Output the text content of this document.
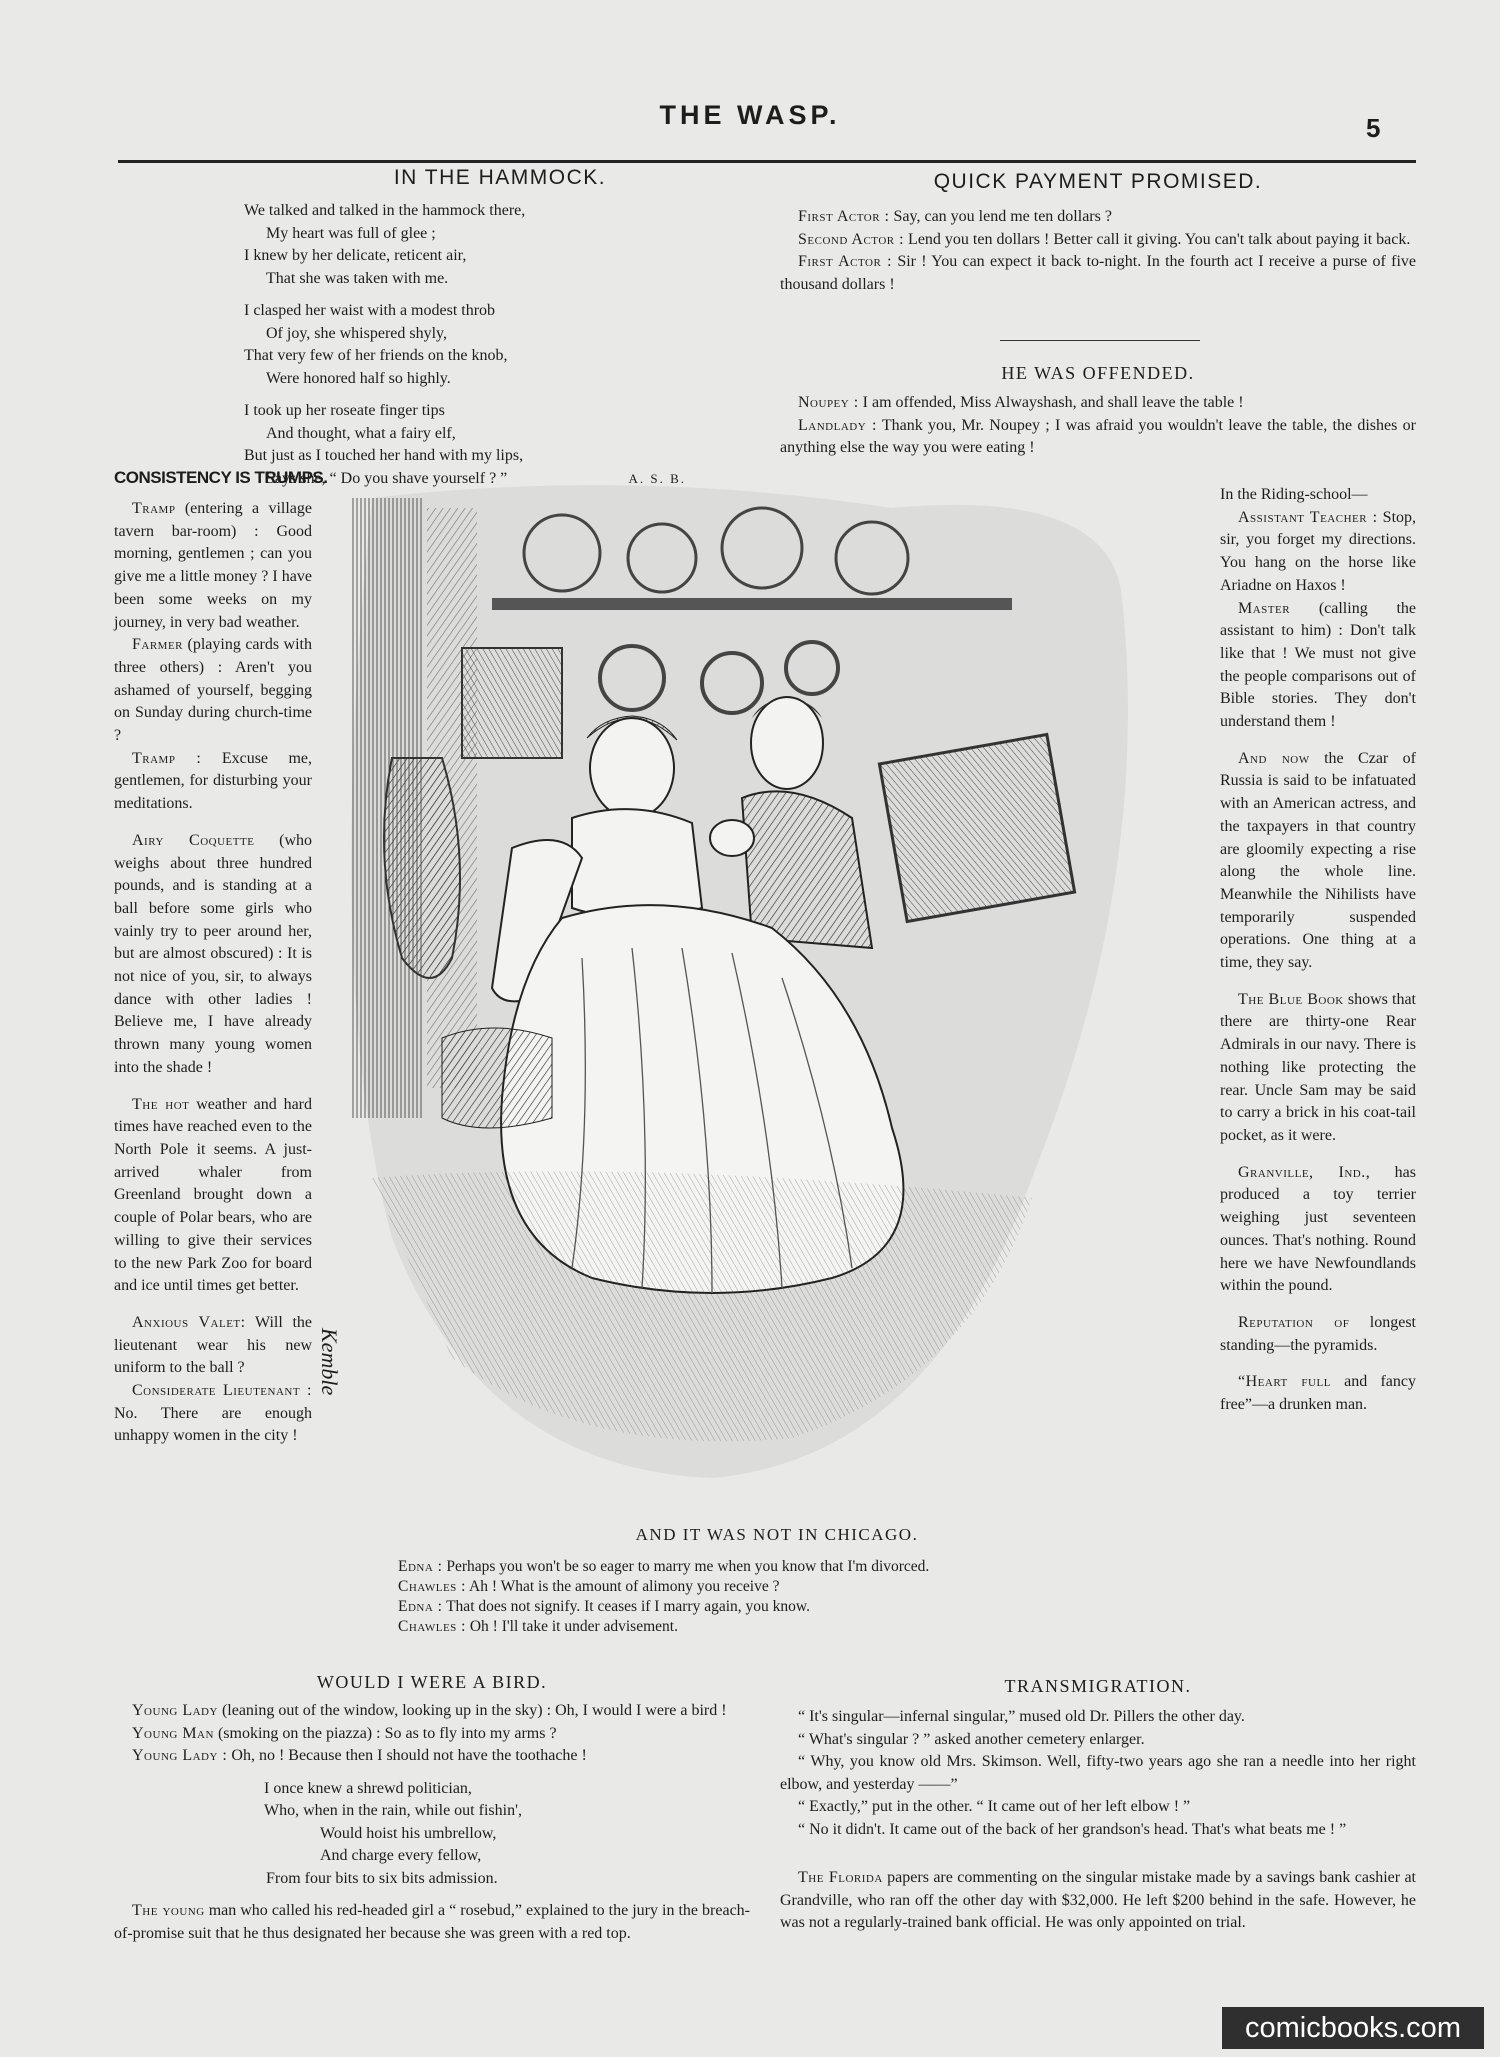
THE WASP.	5
IN THE HAMMOCK.
We talked and talked in the hammock there,
My heart was full of glee ;
I knew by her delicate, reticent air,
That she was taken with me.
I clasped her waist with a modest throb
Of joy, she whispered shyly,
That very few of her friends on the knob,
Were honored half so highly.
I took up her roseate finger tips
And thought, what a fairy elf,
But just as I touched her hand with my lips,
Says she, “ Do you shave yourself ? ”	A. S. B.
QUICK PAYMENT PROMISED.

First Actor : Say, can you lend me ten dollars ?

Second Actor : Lend you ten dollars ! Better call it giving. You can't talk about paying it back.

First Actor : Sir ! You can expect it back to-night. In the fourth act I receive a purse of five thousand dollars !

HE WAS OFFENDED.

Noupey : I am offended, Miss Alwayshash, and shall leave the table !

Landlady : Thank you, Mr. Noupey ; I was afraid you wouldn't leave the table, the dishes or anything else the way you were eating !

CONSISTENCY IS TRUMPS.

Tramp (entering a village tavern bar-room) : Good morning, gentlemen ; can you give me a little money ? I have been some weeks on my journey, in very bad weather.

Farmer (playing cards with three others) : Aren't you ashamed of yourself, begging on Sunday during church-time ?

Tramp : Excuse me, gentlemen, for disturbing your meditations.

Airy Coquette (who weighs about three hundred pounds, and is standing at a ball before some girls who vainly try to peer around her, but are almost obscured) : It is not nice of you, sir, to always dance with other ladies ! Believe me, I have already thrown many young women into the shade !

The hot weather and hard times have reached even to the North Pole it seems. A just-arrived whaler from Greenland brought down a couple of Polar bears, who are willing to give their services to the new Park Zoo for board and ice until times get better.

Anxious Valet: Will the lieutenant wear his new uniform to the ball ?

Considerate Lieutenant : No. There are enough unhappy women in the city !

In the Riding-school—

Assistant Teacher : Stop, sir, you forget my directions. You hang on the horse like Ariadne on Haxos !

Master (calling the assistant to him) : Don't talk like that ! We must not give the people comparisons out of Bible stories. They don't understand them !

And now the Czar of Russia is said to be infatuated with an American actress, and the taxpayers in that country are gloomily expecting a rise along the whole line. Meanwhile the Nihilists have temporarily suspended operations. One thing at a time, they say.

The Blue Book shows that there are thirty-one Rear Admirals in our navy. There is nothing like protecting the rear. Uncle Sam may be said to carry a brick in his coat-tail pocket, as it were.

Granville, Ind., has produced a toy terrier weighing just seventeen ounces. That's nothing. Round here we have Newfoundlands within the pound.

Reputation of longest standing—the pyramids.

“Heart full and fancy free”—a drunken man.

Kemble
AND IT WAS NOT IN CHICAGO.
Edna : Perhaps you won't be so eager to marry me when you know that I'm divorced.
Chawles : Ah ! What is the amount of alimony you receive ?
Edna : That does not signify. It ceases if I marry again, you know.
Chawles : Oh ! I'll take it under advisement.
WOULD I WERE A BIRD.

Young Lady (leaning out of the window, looking up in the sky) : Oh, I would I were a bird !

Young Man (smoking on the piazza) : So as to fly into my arms ?

Young Lady : Oh, no ! Because then I should not have the toothache !

I once knew a shrewd politician,
Who, when in the rain, while out fishin',
Would hoist his umbrellow,
And charge every fellow,
From four bits to six bits admission.

The young man who called his red-headed girl a “ rosebud,” explained to the jury in the breach-of-promise suit that he thus designated her because she was green with a red top.

TRANSMIGRATION.

“ It's singular—infernal singular,” mused old Dr. Pillers the other day.

“ What's singular ? ” asked another cemetery enlarger.

“ Why, you know old Mrs. Skimson. Well, fifty-two years ago she ran a needle into her right elbow, and yesterday ——”

“ Exactly,” put in the other. “ It came out of her left elbow ! ”

“ No it didn't. It came out of the back of her grandson's head. That's what beats me ! ”

The Florida papers are commenting on the singular mistake made by a savings bank cashier at Grandville, who ran off the other day with $32,000. He left $200 behind in the safe. However, he was not a regularly-trained bank official. He was only appointed on trial.

comicbooks.com
